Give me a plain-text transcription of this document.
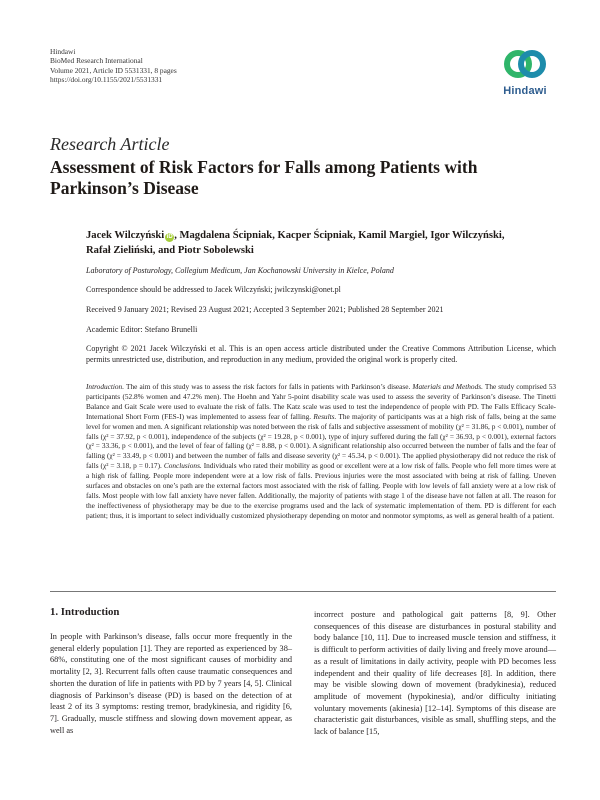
Hindawi
BioMed Research International
Volume 2021, Article ID 5531331, 8 pages
https://doi.org/10.1155/2021/5531331
Hindawi
Research Article
Assessment of Risk Factors for Falls among Patients with
Parkinson’s Disease
Jacek Wilczyński iD , Magdalena Ścipniak, Kacper Ścipniak, Kamil Margiel, Igor Wilczyński,
Rafał Zieliński, and Piotr Sobolewski
Laboratory of Posturology, Collegium Medicum, Jan Kochanowski University in Kielce, Poland
Correspondence should be addressed to Jacek Wilczyński; jwilczynski@onet.pl
Received 9 January 2021; Revised 23 August 2021; Accepted 3 September 2021; Published 28 September 2021
Academic Editor: Stefano Brunelli
Copyright © 2021 Jacek Wilczyński et al. This is an open access article distributed under the Creative Commons Attribution License, which permits unrestricted use, distribution, and reproduction in any medium, provided the original work is properly cited.
Introduction. The aim of this study was to assess the risk factors for falls in patients with Parkinson’s disease. Materials and Methods. The study comprised 53 participants (52.8% women and 47.2% men). The Hoehn and Yahr 5-point disability scale was used to assess the severity of Parkinson’s disease. The Tinetti Balance and Gait Scale were used to evaluate the risk of falls. The Katz scale was used to test the independence of people with PD. The Falls Efficacy Scale-International Short Form (FES-I) was implemented to assess fear of falling. Results. The majority of participants was at a high risk of falls, being at the same level for women and men. A significant relationship was noted between the risk of falls and subjective assessment of mobility (χ² = 31.86, p < 0.001), number of falls (χ² = 37.92, p < 0.001), independence of the subjects (χ² = 19.28, p < 0.001), type of injury suffered during the fall (χ² = 36.93, p < 0.001), external factors (χ² = 33.36, p < 0.001), and the level of fear of falling (χ² = 8.88, p < 0.001). A significant relationship also occurred between the number of falls and the fear of falling (χ² = 33.49, p < 0.001) and between the number of falls and disease severity (χ² = 45.34, p < 0.001). The applied physiotherapy did not reduce the risk of falls (χ² = 3.18, p = 0.17). Conclusions. Individuals who rated their mobility as good or excellent were at a low risk of falls. People who fell more times were at a high risk of falling. People more independent were at a low risk of falls. Previous injuries were the most associated with being at risk of falling. Uneven surfaces and obstacles on one’s path are the external factors most associated with the risk of falling. People with low levels of fall anxiety were at a low risk of falls. Most people with low fall anxiety have never fallen. Additionally, the majority of patients with stage 1 of the disease have not fallen at all. The reason for the ineffectiveness of physiotherapy may be due to the exercise programs used and the lack of systematic implementation of them. PD is different for each patient; thus, it is important to select individually customized physiotherapy depending on motor and nonmotor symptoms, as well as general health of a patient.
1. Introduction

In people with Parkinson’s disease, falls occur more frequently in the general elderly population [1]. They are reported as experienced by 38–68%, constituting one of the most significant causes of morbidity and mortality [2, 3]. Recurrent falls often cause traumatic consequences and shorten the duration of life in patients with PD by 7 years [4, 5]. Clinical diagnosis of Parkinson’s disease (PD) is based on the detection of at least 2 of its 3 symptoms: resting tremor, bradykinesia, and rigidity [6, 7]. Gradually, muscle stiffness and slowing down movement appear, as well as

incorrect posture and pathological gait patterns [8, 9]. Other consequences of this disease are disturbances in postural stability and body balance [10, 11]. Due to increased muscle tension and stiffness, it is difficult to perform activities of daily living and freely move around—as a result of limitations in daily activity, people with PD becomes less independent and their quality of life decreases [8]. In addition, there may be visible slowing down of movement (bradykinesia), reduced amplitude of movement (hypokinesia), and/or difficulty initiating voluntary movements (akinesia) [12–14]. Symptoms of this disease are characteristic gait disturbances, visible as small, shuffling steps, and the lack of balance [15,
